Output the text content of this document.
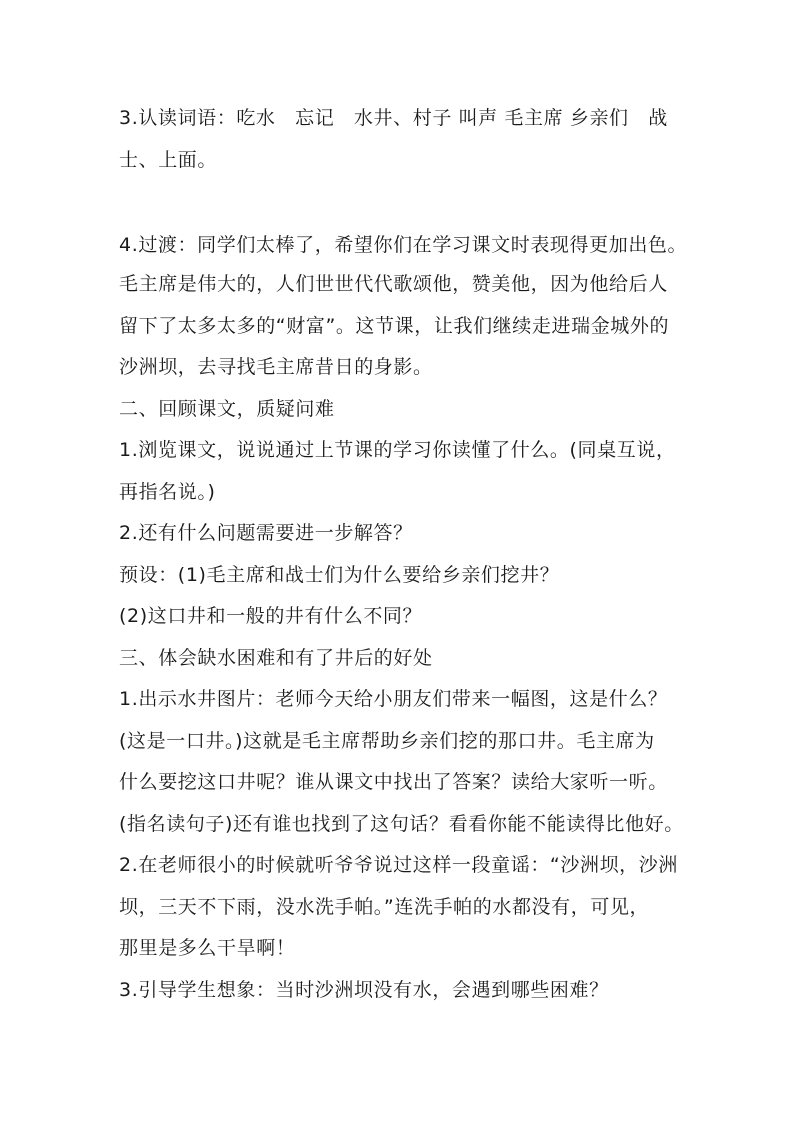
3.认读词语：吃水　忘记　水井、村子 叫声 毛主席 乡亲们　战
士、上面。
4.过渡：同学们太棒了，希望你们在学习课文时表现得更加出色。
毛主席是伟大的，人们世世代代歌颂他，赞美他，因为他给后人
留下了太多太多的“财富”。这节课，让我们继续走进瑞金城外的
沙洲坝，去寻找毛主席昔日的身影。
二、回顾课文，质疑问难
1.浏览课文，说说通过上节课的学习你读懂了什么。(同桌互说，
再指名说。)
2.还有什么问题需要进一步解答？
预设：(1)毛主席和战士们为什么要给乡亲们挖井？
(2)这口井和一般的井有什么不同？
三、体会缺水困难和有了井后的好处
1.出示水井图片：老师今天给小朋友们带来一幅图，这是什么？
(这是一口井。)这就是毛主席帮助乡亲们挖的那口井。毛主席为
什么要挖这口井呢？谁从课文中找出了答案？读给大家听一听。
(指名读句子)还有谁也找到了这句话？看看你能不能读得比他好。
2.在老师很小的时候就听爷爷说过这样一段童谣：“沙洲坝，沙洲
坝，三天不下雨，没水洗手帕。”连洗手帕的水都没有，可见，
那里是多么干旱啊！
3.引导学生想象：当时沙洲坝没有水，会遇到哪些困难？
